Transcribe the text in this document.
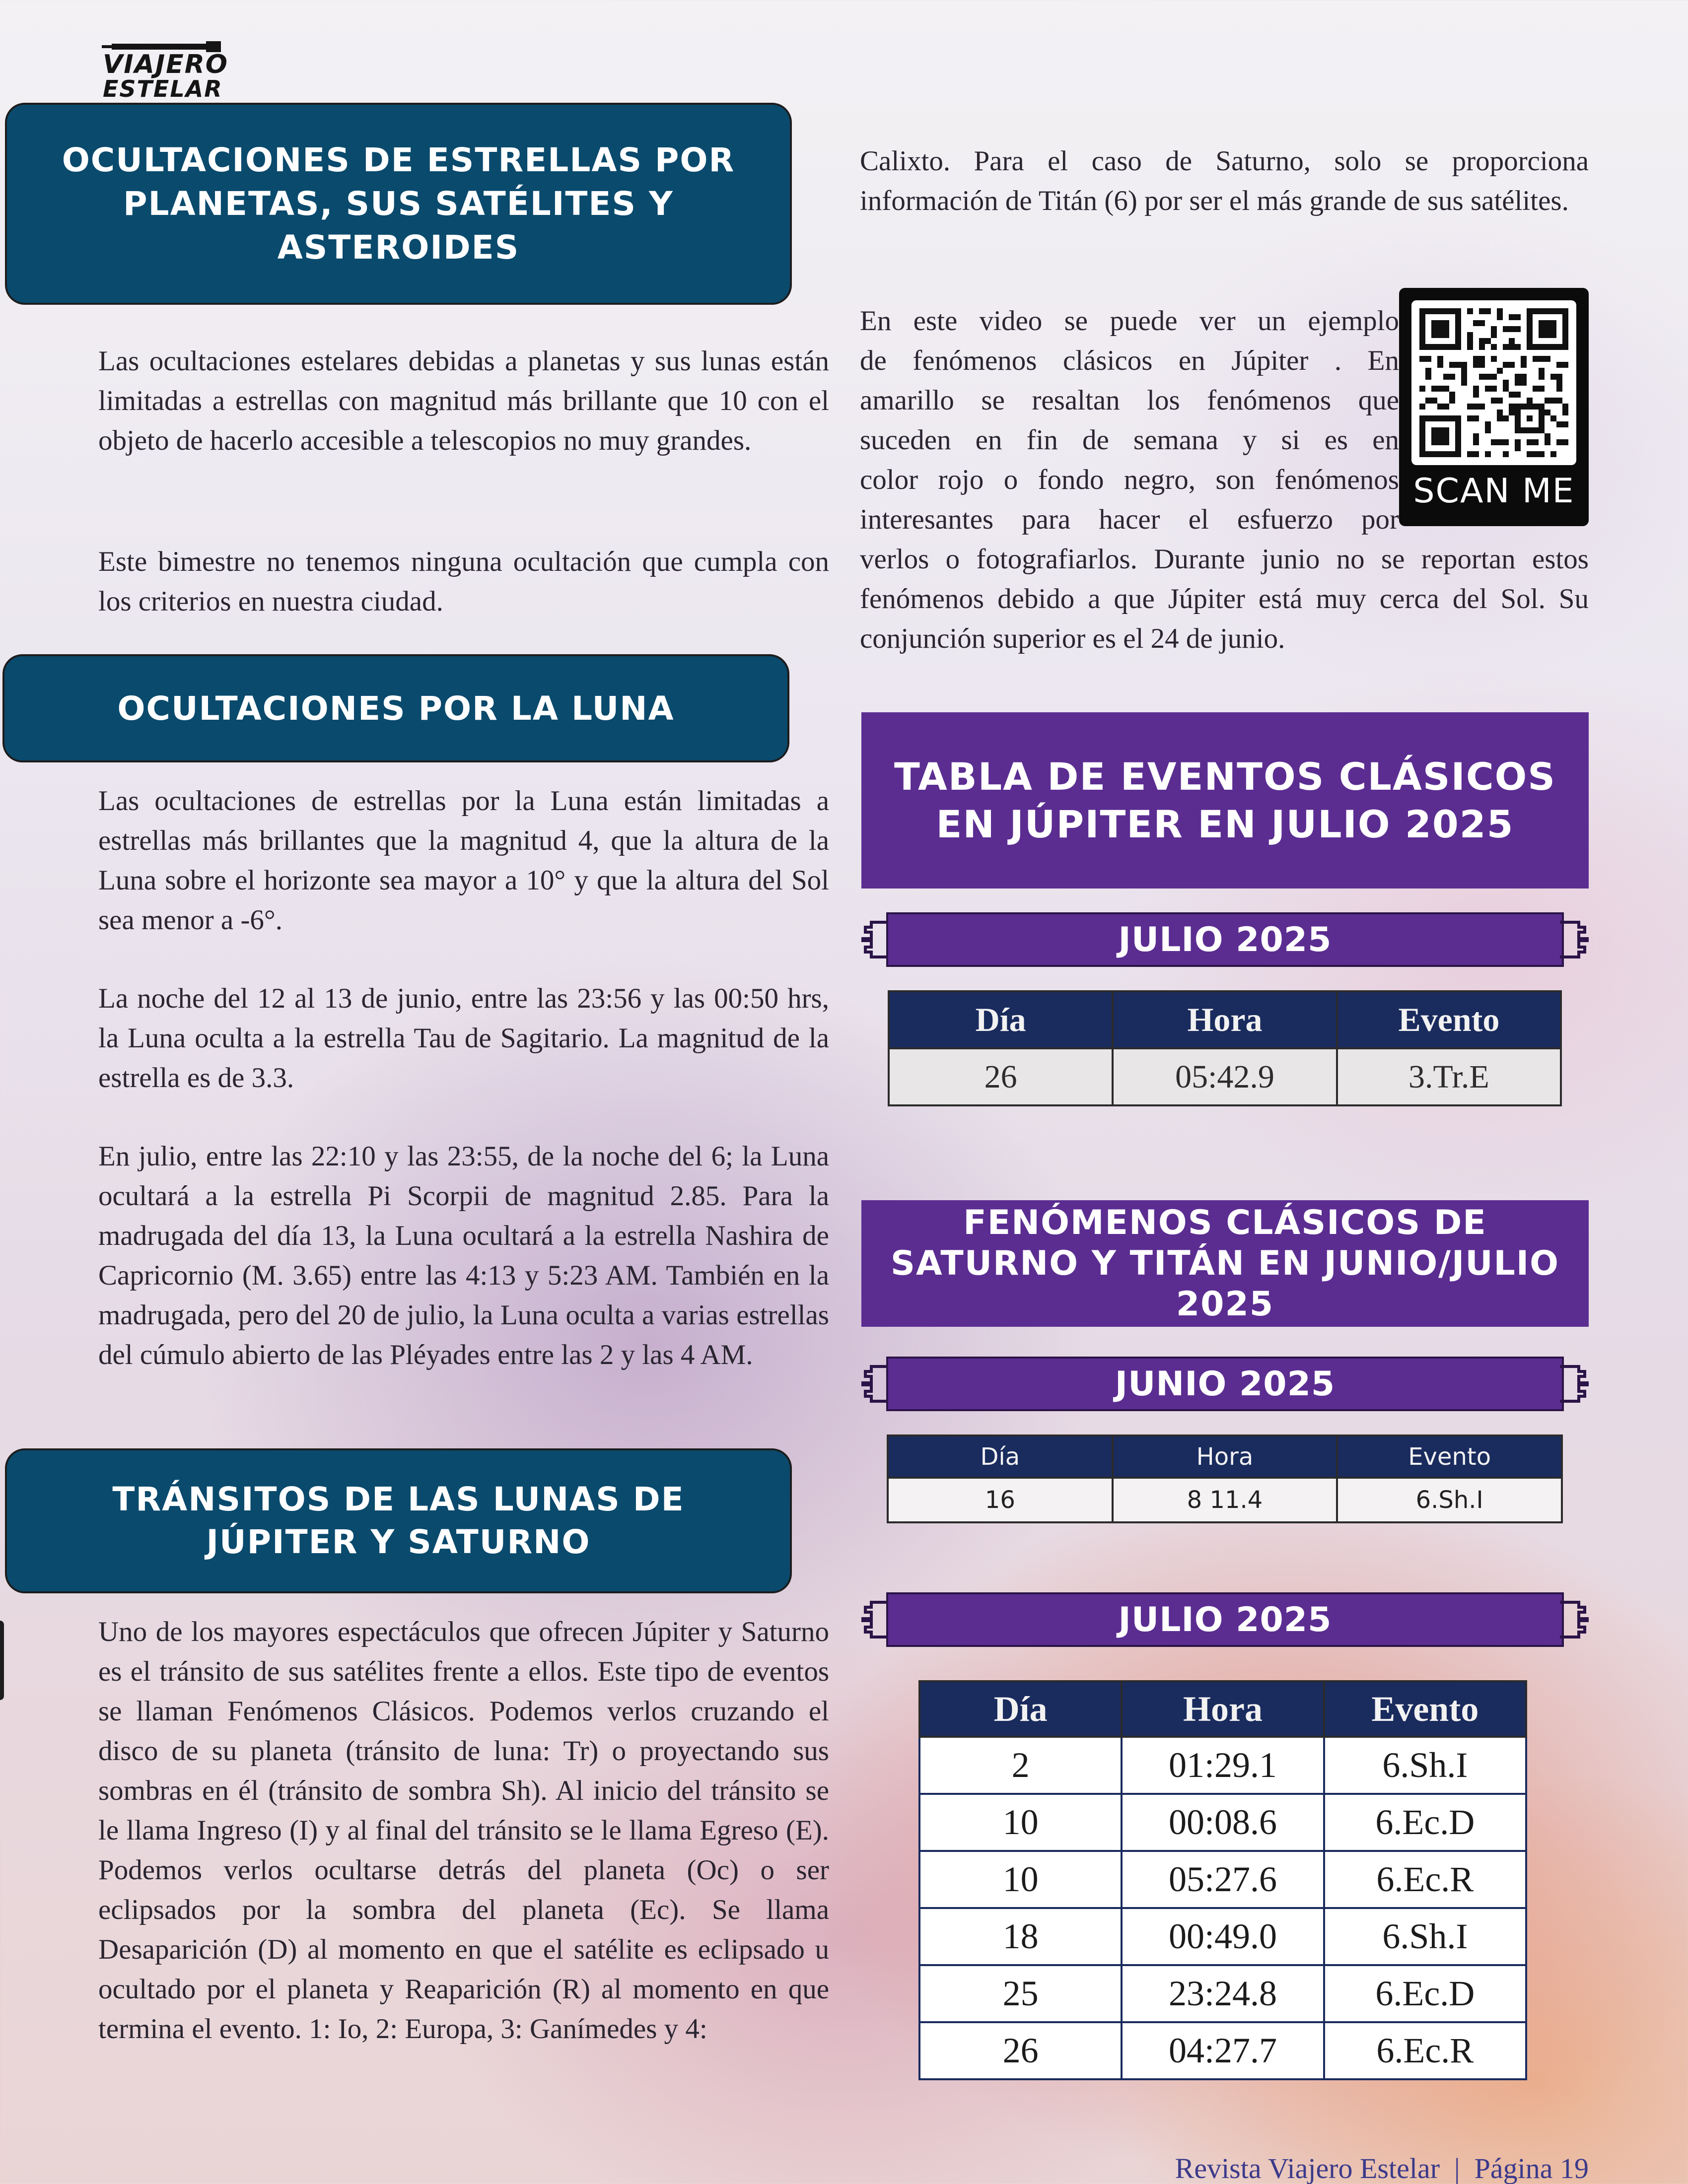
VIAJERO
ESTELAR
OCULTACIONES DE ESTRELLAS POR PLANETAS, SUS SATÉLITES Y ASTEROIDES

Las ocultaciones estelares debidas a planetas y sus lunas están limitadas a estrellas con magnitud más brillante que 10 con el objeto de hacerlo accesible a telescopios no muy grandes.

Este bimestre no tenemos ninguna ocultación que cumpla con los criterios en nuestra ciudad.

OCULTACIONES POR LA LUNA

Las ocultaciones de estrellas por la Luna están limitadas a estrellas más brillantes que la magnitud 4, que la altura de la Luna sobre el horizonte sea mayor a 10° y que la altura del Sol sea menor a -6°.

La noche del 12 al 13 de junio, entre las 23:56 y las 00:50 hrs, la Luna oculta a la estrella Tau de Sagitario. La magnitud de la estrella es de 3.3.

En julio, entre las 22:10 y las 23:55, de la noche del 6; la Luna ocultará a la estrella Pi Scorpii de magnitud 2.85. Para la madrugada del día 13, la Luna ocultará a la estrella Nashira de Capricornio (M. 3.65) entre las 4:13 y 5:23 AM. También en la madrugada, pero del 20 de julio, la Luna oculta a varias estrellas del cúmulo abierto de las Pléyades entre las 2 y las 4 AM.

TRÁNSITOS DE LAS LUNAS DE JÚPITER Y SATURNO

Uno de los mayores espectáculos que ofrecen Júpiter y Saturno es el tránsito de sus satélites frente a ellos. Este tipo de eventos se llaman Fenómenos Clásicos. Podemos verlos cruzando el disco de su planeta (tránsito de luna: Tr) o proyectando sus sombras en él (tránsito de sombra Sh). Al inicio del tránsito se le llama Ingreso (I) y al final del tránsito se le llama Egreso (E). Podemos verlos ocultarse detrás del planeta (Oc) o ser eclipsados por la sombra del planeta (Ec). Se llama Desaparición (D) al momento en que el satélite es eclipsado u ocultado por el planeta y Reaparición (R) al momento en que termina el evento. 1: Io, 2: Europa, 3: Ganímedes y 4:

Calixto. Para el caso de Saturno, solo se proporciona información de Titán (6) por ser el más grande de sus satélites.

En este video se puede ver un ejemplo
de fenómenos clásicos en Júpiter . En
amarillo se resaltan los fenómenos que
suceden en fin de semana y si es en
color rojo o fondo negro, son fenómenos
interesantes para hacer el esfuerzo por
verlos o fotografiarlos. Durante junio no se reportan estos fenómenos debido a que Júpiter está muy cerca del Sol. Su conjunción superior es el 24 de junio.
SCAN ME
TABLA DE EVENTOS CLÁSICOS EN JÚPITER EN JULIO 2025
JULIO 2025
Día	Hora	Evento
26	05:42.9	3.Tr.E
FENÓMENOS CLÁSICOS DE SATURNO Y TITÁN EN JUNIO/JULIO 2025
JUNIO 2025
Día	Hora	Evento
16	8 11.4	6.Sh.I
JULIO 2025
Día	Hora	Evento
2	01:29.1	6.Sh.I
10	00:08.6	6.Ec.D
10	05:27.6	6.Ec.R
18	00:49.0	6.Sh.I
25	23:24.8	6.Ec.D
26	04:27.7	6.Ec.R
Revista Viajero Estelar  |  Página 19
